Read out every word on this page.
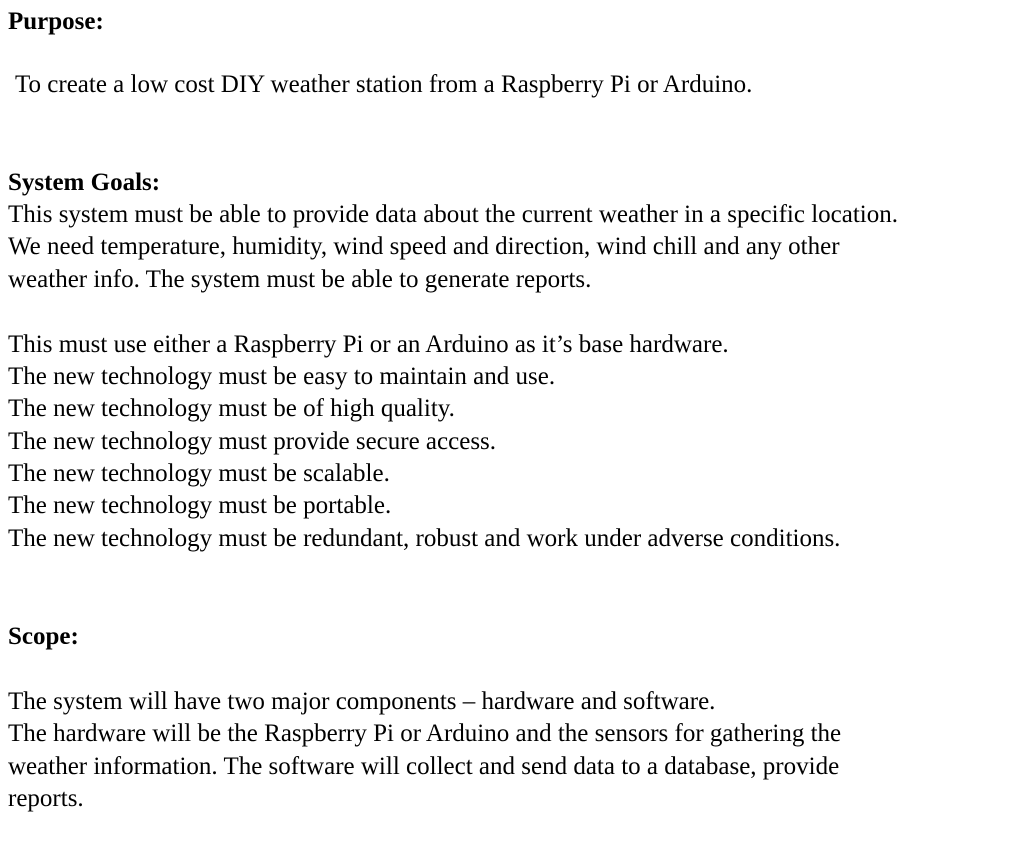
Purpose:
To create a low cost DIY weather station from a Raspberry Pi or Arduino.
System Goals:
This system must be able to provide data about the current weather in a specific location.
We need temperature, humidity, wind speed and direction, wind chill and any other
weather info. The system must be able to generate reports.
This must use either a Raspberry Pi or an Arduino as it’s base hardware.
The new technology must be easy to maintain and use.
The new technology must be of high quality.
The new technology must provide secure access.
The new technology must be scalable.
The new technology must be portable.
The new technology must be redundant, robust and work under adverse conditions.
Scope:
The system will have two major components – hardware and software.
The hardware will be the Raspberry Pi or Arduino and the sensors for gathering the
weather information. The software will collect and send data to a database, provide
reports.
